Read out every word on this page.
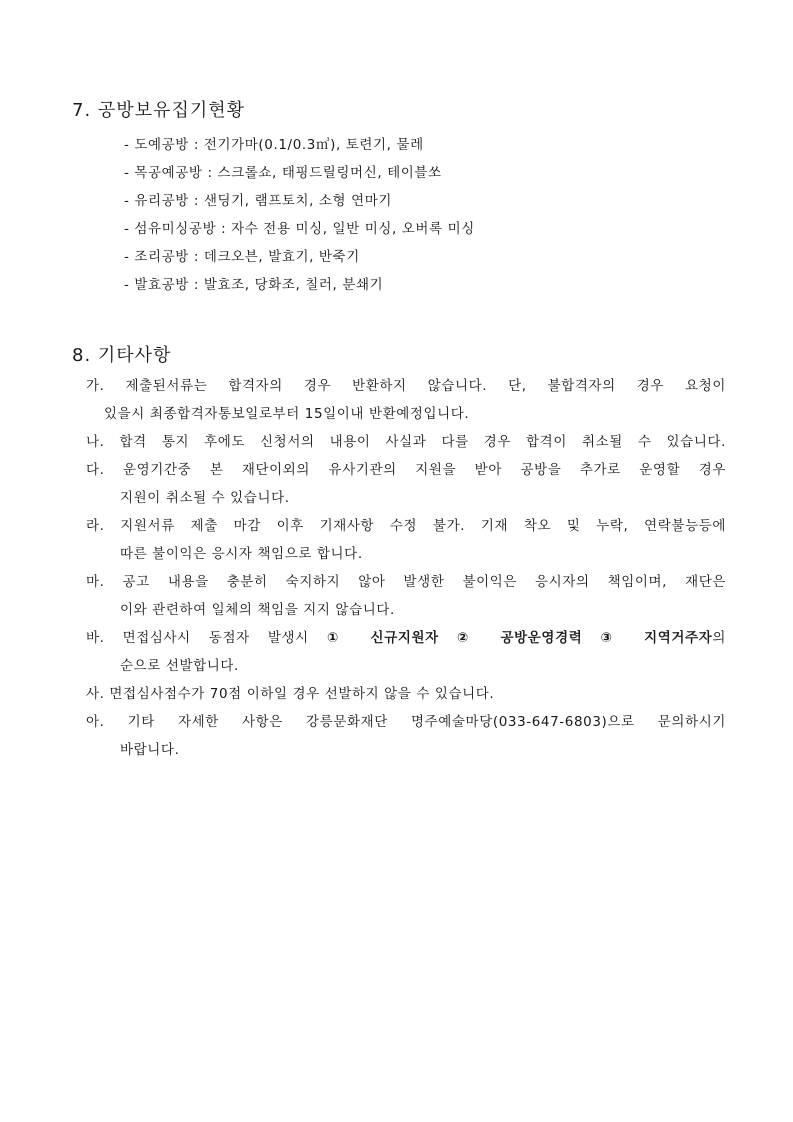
7. 공방보유집기현황
- 도예공방 : 전기가마(0.1/0.3㎥), 토련기, 물레
- 목공예공방 : 스크롤쇼, 태핑드릴링머신, 테이블쏘
- 유리공방 : 샌딩기, 램프토치, 소형 연마기
- 섬유미싱공방 : 자수 전용 미싱, 일반 미싱, 오버록 미싱
- 조리공방 : 데크오븐, 발효기, 반죽기
- 발효공방 : 발효조, 당화조, 칠러, 분쇄기
8. 기타사항
가. 제출된서류는 합격자의 경우 반환하지 않습니다. 단, 불합격자의 경우 요청이
있을시 최종합격자통보일로부터 15일이내 반환예정입니다.
나. 합격 통지 후에도 신청서의 내용이 사실과 다를 경우 합격이 취소될 수 있습니다.
다. 운영기간중 본 재단이외의 유사기관의 지원을 받아 공방을 추가로 운영할 경우
지원이 취소될 수 있습니다.
라. 지원서류 제출 마감 이후 기재사항 수정 불가. 기재 착오 및 누락, 연락불능등에
따른 불이익은 응시자 책임으로 합니다.
마. 공고 내용을 충분히 숙지하지 않아 발생한 불이익은 응시자의 책임이며, 재단은
이와 관련하여 일체의 책임을 지지 않습니다.
바. 면접심사시 동점자 발생시 ① 신규지원자 ② 공방운영경력 ③ 지역거주자의
순으로 선발합니다.
사. 면접심사점수가 70점 이하일 경우 선발하지 않을 수 있습니다.
아. 기타 자세한 사항은 강릉문화재단 명주예술마당(033-647-6803)으로 문의하시기
바랍니다.
